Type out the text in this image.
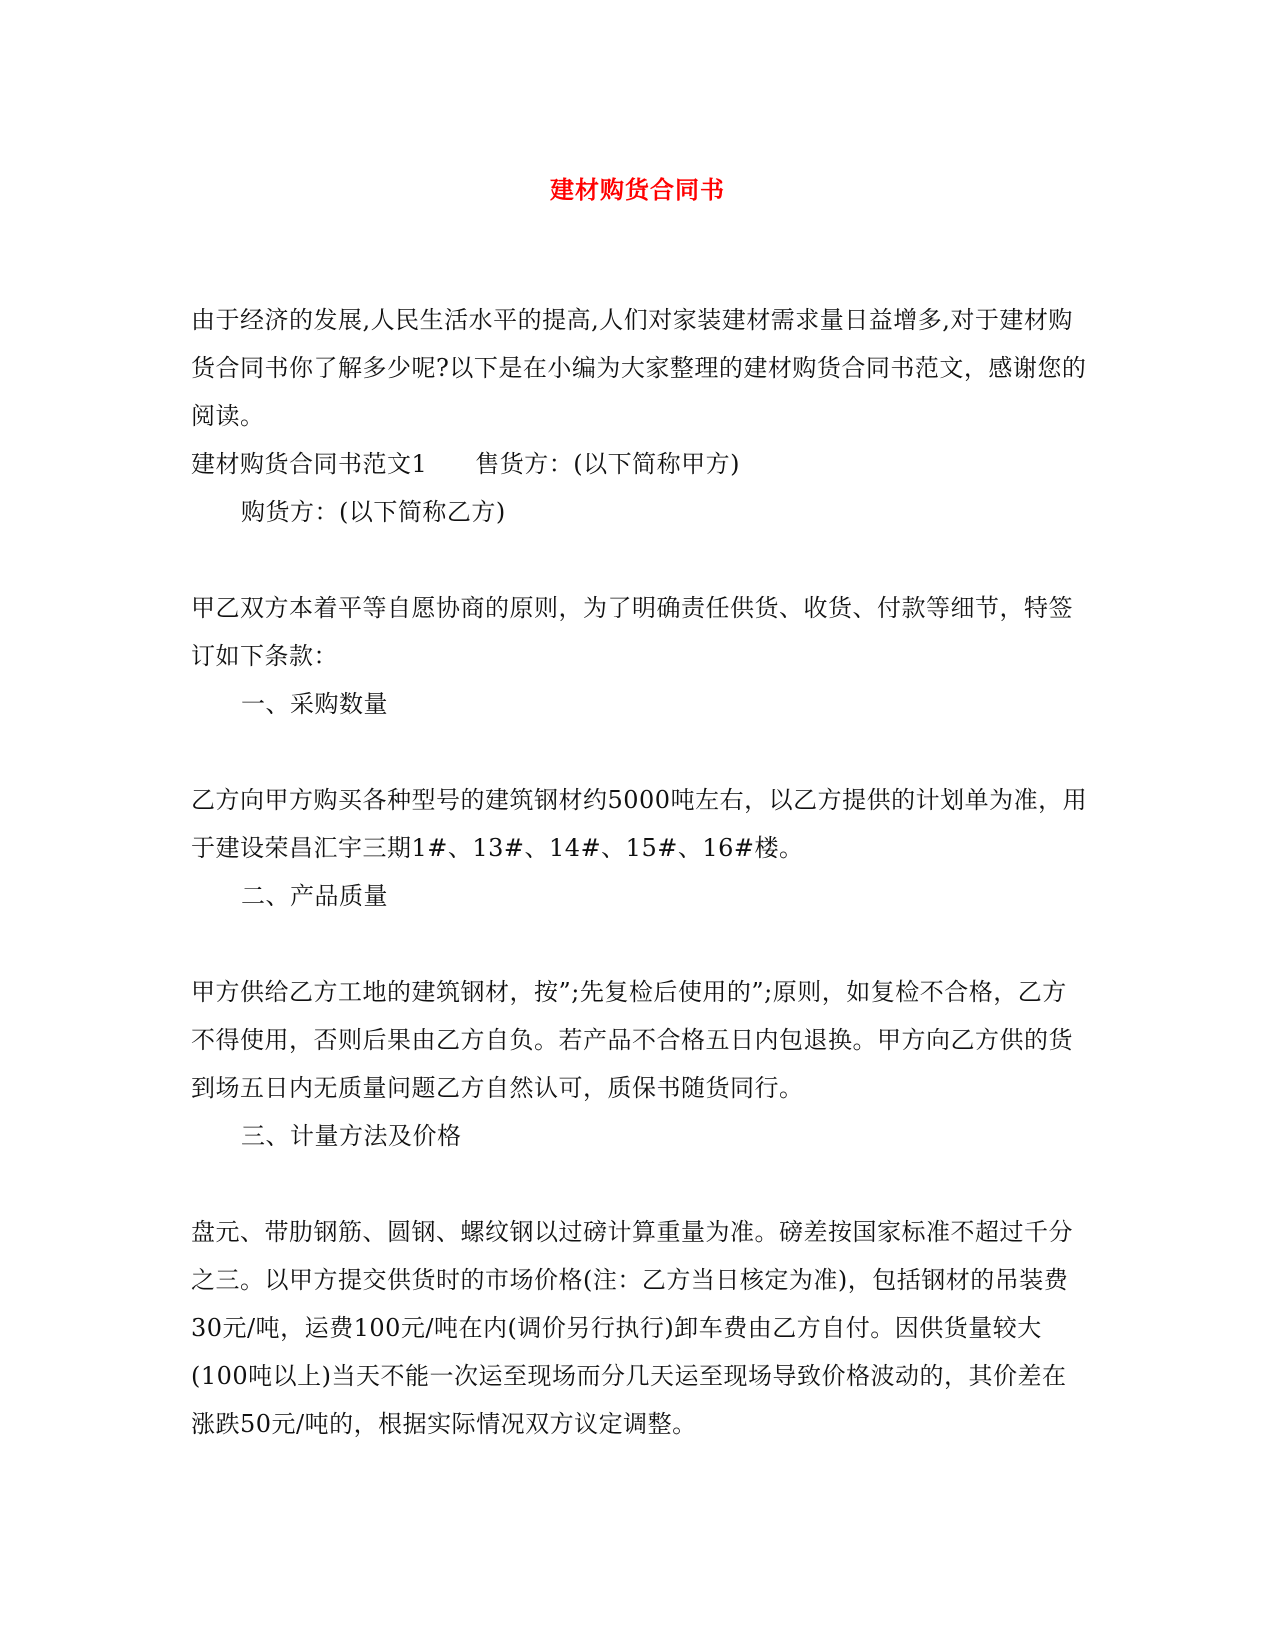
建材购货合同书

由于经济的发展,人民生活水平的提高,人们对家装建材需求量日益增多,对于建材购货合同书你了解多少呢?以下是在小编为大家整理的建材购货合同书范文，感谢您的阅读。

建材购货合同书范文1 售货方：(以下简称甲方)

购货方：(以下简称乙方)

甲乙双方本着平等自愿协商的原则，为了明确责任供货、收货、付款等细节，特签订如下条款：

一、采购数量

乙方向甲方购买各种型号的建筑钢材约5000吨左右，以乙方提供的计划单为准，用于建设荣昌汇宇三期1#、13#、14#、15#、16#楼。

二、产品质量

甲方供给乙方工地的建筑钢材，按”;先复检后使用的”;原则，如复检不合格，乙方不得使用，否则后果由乙方自负。若产品不合格五日内包退换。甲方向乙方供的货到场五日内无质量问题乙方自然认可，质保书随货同行。

三、计量方法及价格

盘元、带肋钢筋、圆钢、螺纹钢以过磅计算重量为准。磅差按国家标准不超过千分之三。以甲方提交供货时的市场价格(注：乙方当日核定为准)，包括钢材的吊装费30元/吨，运费100元/吨在内(调价另行执行)卸车费由乙方自付。因供货量较大(100吨以上)当天不能一次运至现场而分几天运至现场导致价格波动的，其价差在涨跌50元/吨的，根据实际情况双方议定调整。
